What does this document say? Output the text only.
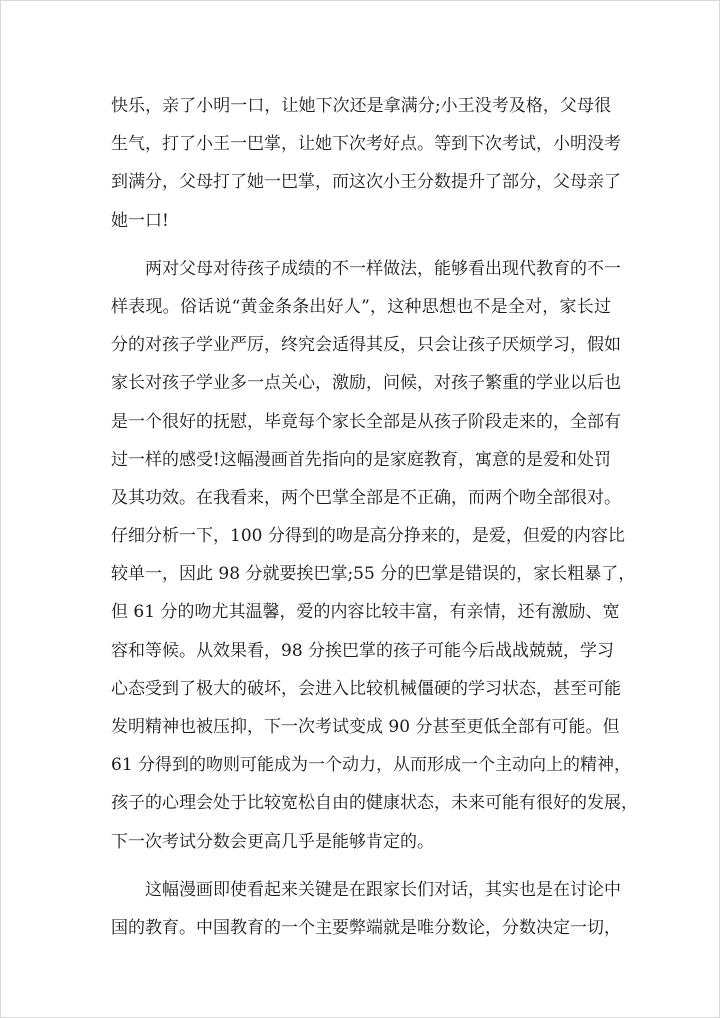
快乐，亲了小明一口，让她下次还是拿满分;小王没考及格，父母很
生气，打了小王一巴掌，让她下次考好点。等到下次考试，小明没考
到满分，父母打了她一巴掌，而这次小王分数提升了部分，父母亲了
她一口!
　　两对父母对待孩子成绩的不一样做法，能够看出现代教育的不一
样表现。俗话说“黄金条条出好人”，这种思想也不是全对，家长过
分的对孩子学业严厉，终究会适得其反，只会让孩子厌烦学习，假如
家长对孩子学业多一点关心，激励，问候，对孩子繁重的学业以后也
是一个很好的抚慰，毕竟每个家长全部是从孩子阶段走来的，全部有
过一样的感受!这幅漫画首先指向的是家庭教育，寓意的是爱和处罚
及其功效。在我看来，两个巴掌全部是不正确，而两个吻全部很对。
仔细分析一下，100 分得到的吻是高分挣来的，是爱，但爱的内容比
较单一，因此 98 分就要挨巴掌;55 分的巴掌是错误的，家长粗暴了，
但 61 分的吻尤其温馨，爱的内容比较丰富，有亲情，还有激励、宽
容和等候。从效果看，98 分挨巴掌的孩子可能今后战战兢兢，学习
心态受到了极大的破坏，会进入比较机械僵硬的学习状态，甚至可能
发明精神也被压抑，下一次考试变成 90 分甚至更低全部有可能。但
61 分得到的吻则可能成为一个动力，从而形成一个主动向上的精神，
孩子的心理会处于比较宽松自由的健康状态，未来可能有很好的发展，
下一次考试分数会更高几乎是能够肯定的。
　　这幅漫画即使看起来关键是在跟家长们对话，其实也是在讨论中
国的教育。中国教育的一个主要弊端就是唯分数论，分数决定一切，
